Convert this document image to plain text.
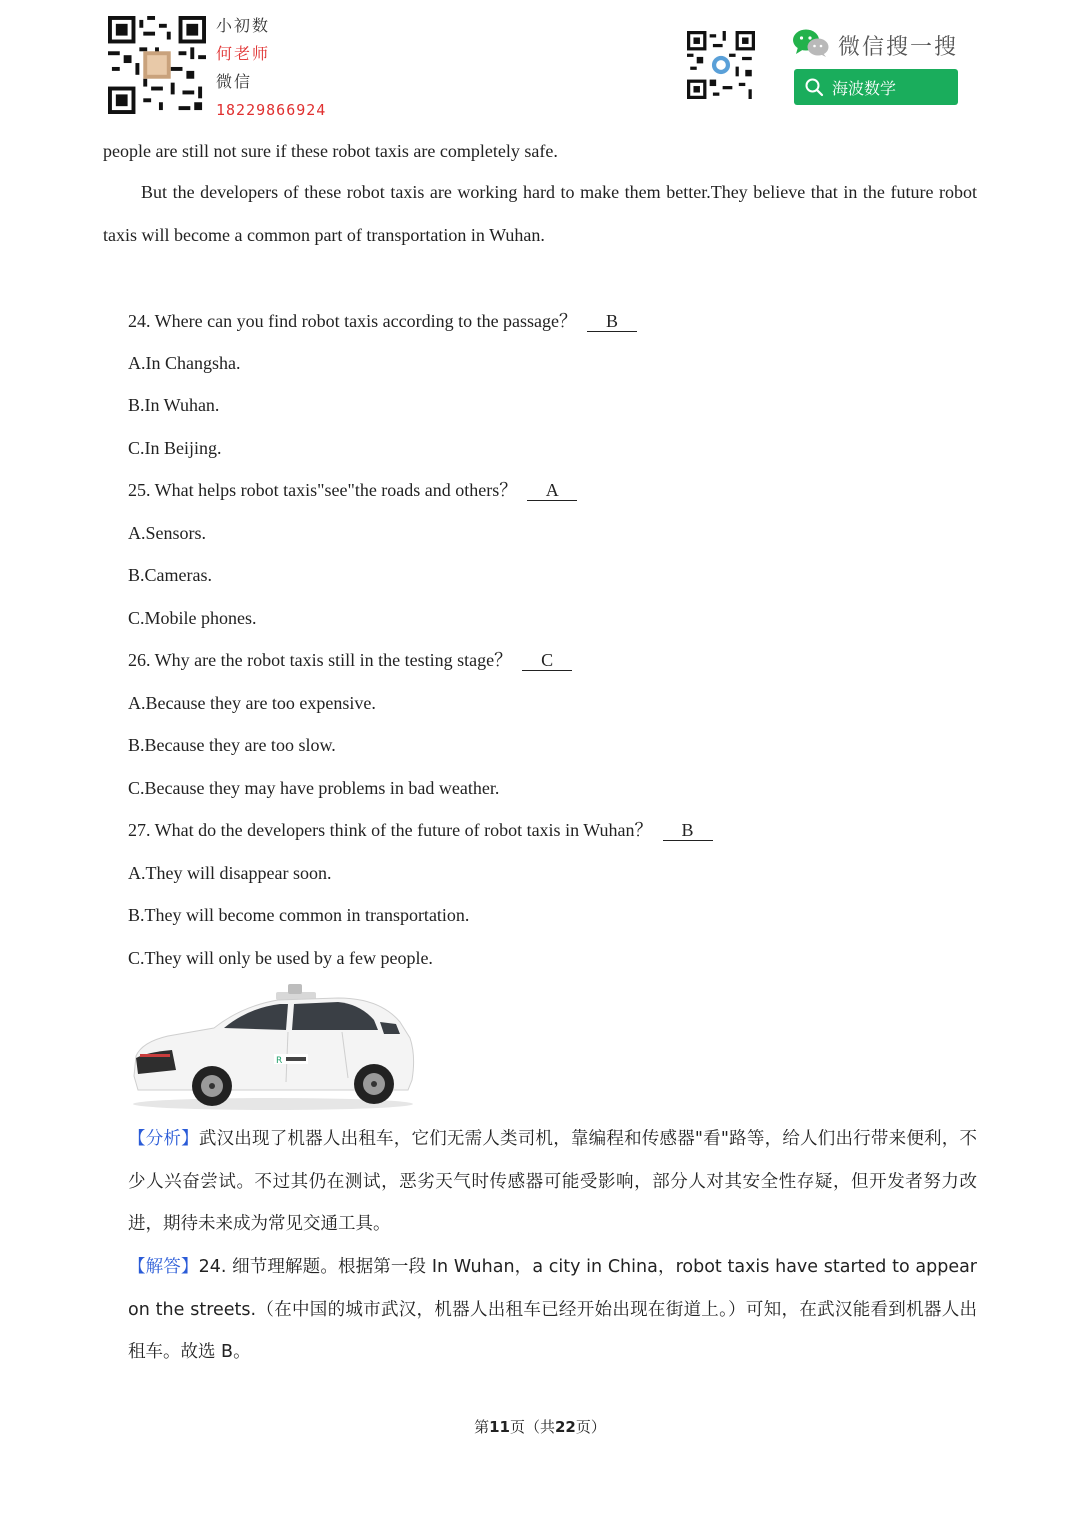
小初数
何老师
微信
18229866924
微信搜一搜
海波数学
people are still not sure if these robot taxis are completely safe.
But the developers of these robot taxis are working hard to make them better.They believe that in the future robot taxis will become a common part of transportation in Wuhan.
24. Where can you find robot taxis according to the passage？ B
A.In Changsha.
B.In Wuhan.
C.In Beijing.
25. What helps robot taxis"see"the roads and others？ A
A.Sensors.
B.Cameras.
C.Mobile phones.
26. Why are the robot taxis still in the testing stage？ C
A.Because they are too expensive.
B.Because they are too slow.
C.Because they may have problems in bad weather.
27. What do the developers think of the future of robot taxis in Wuhan？ B
A.They will disappear soon.
B.They will become common in transportation.
C.They will only be used by a few people.
R
【分析】武汉出现了机器人出租车，它们无需人类司机，靠编程和传感器"看"路等，给人们出行带来便利，不少人兴奋尝试。不过其仍在测试，恶劣天气时传感器可能受影响，部分人对其安全性存疑，但开发者努力改进，期待未来成为常见交通工具。
【解答】24. 细节理解题。根据第一段 In Wuhan，a city in China，robot taxis have started to appear on the streets.（在中国的城市武汉，机器人出租车已经开始出现在街道上。）可知，在武汉能看到机器人出租车。故选 B。
第11页（共22页）
